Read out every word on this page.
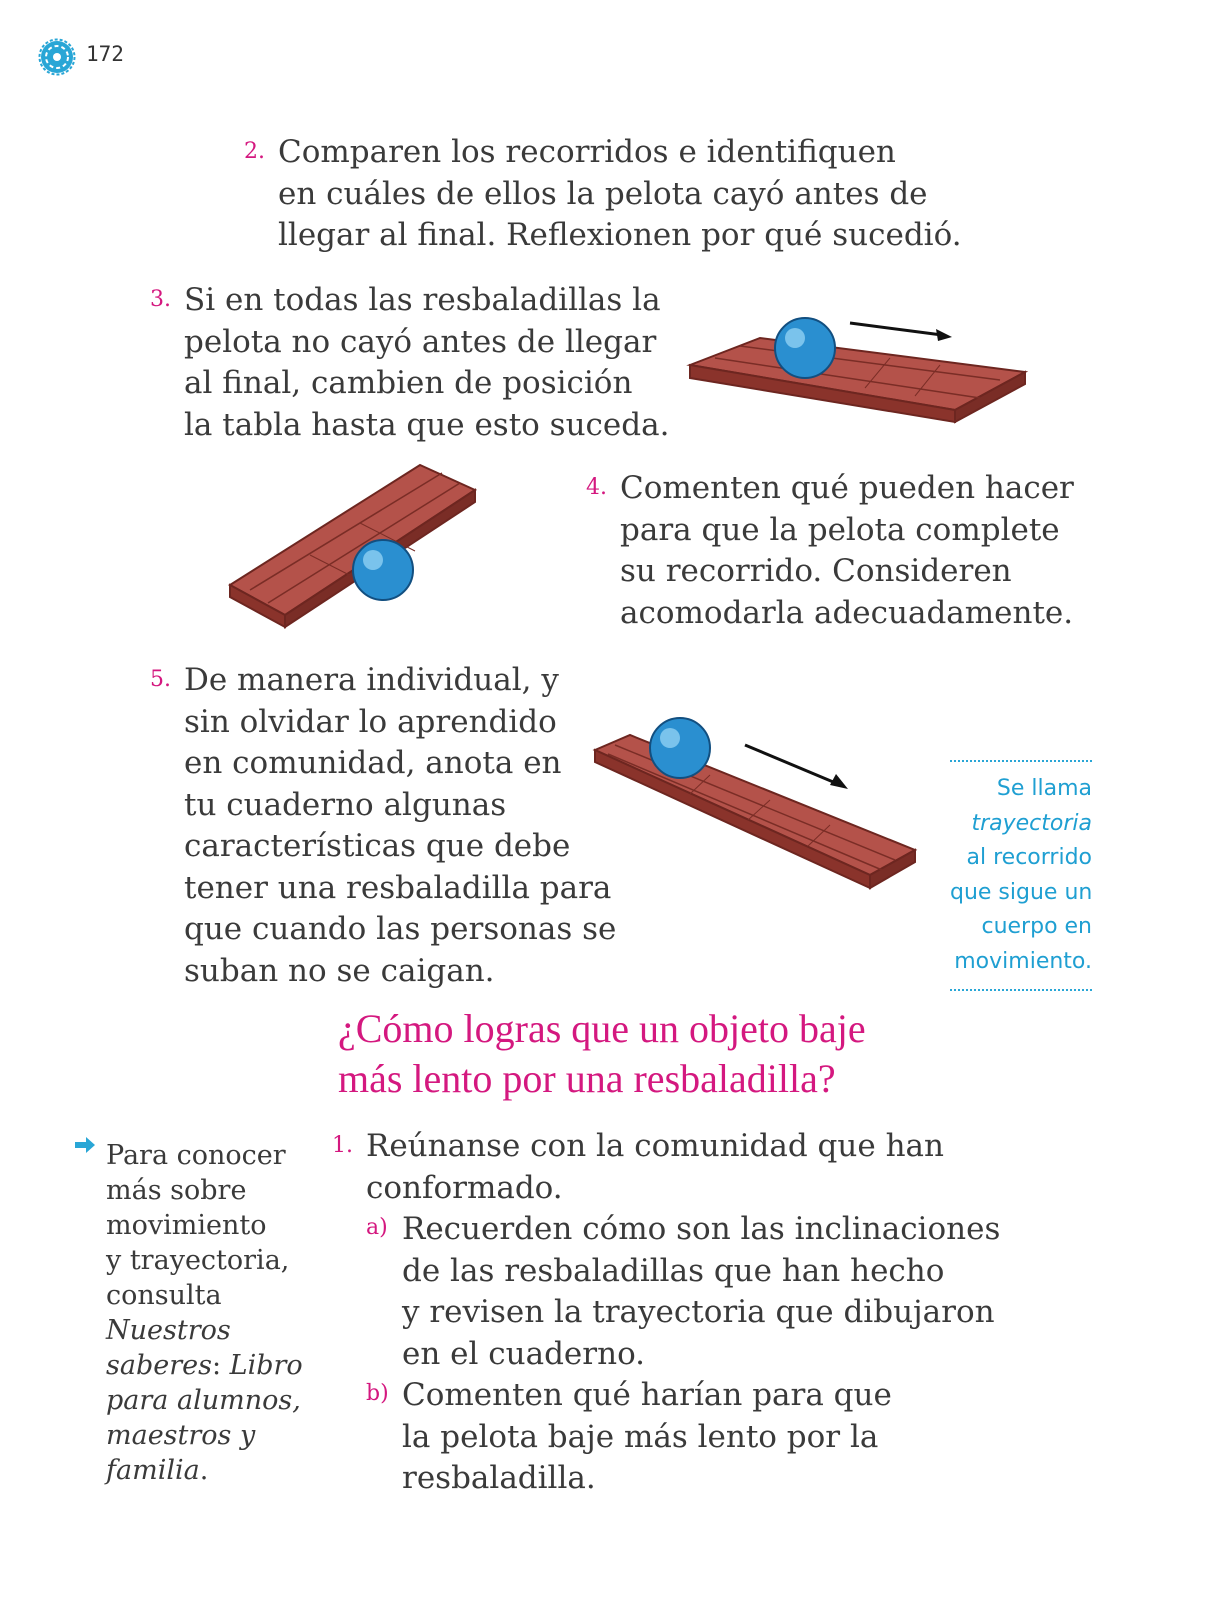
172
2. Comparen los recorridos e identifiquen
en cuáles de ellos la pelota cayó antes de
llegar al final. Reflexionen por qué sucedió.

3. Si en todas las resbaladillas la
pelota no cayó antes de llegar
al final, cambien de posición
la tabla hasta que esto suceda.

4. Comenten qué pueden hacer
para que la pelota complete
su recorrido. Consideren
acomodarla adecuadamente.

5. De manera individual, y
sin olvidar lo aprendido
en comunidad, anota en
tu cuaderno algunas
características que debe
tener una resbaladilla para
que cuando las personas se
suban no se caigan.

Se llama
trayectoria
al recorrido
que sigue un
cuerpo en
movimiento.
¿Cómo logras que un objeto baje
más lento por una resbaladilla?
Para conocer
más sobre
movimiento
y trayectoria,
consulta
Nuestros
saberes: Libro
para alumnos,
maestros y
familia.
1. Reúnanse con la comunidad que han
conformado.

a) Recuerden cómo son las inclinaciones
de las resbaladillas que han hecho
y revisen la trayectoria que dibujaron
en el cuaderno.

b) Comenten qué harían para que
la pelota baje más lento por la
resbaladilla.
